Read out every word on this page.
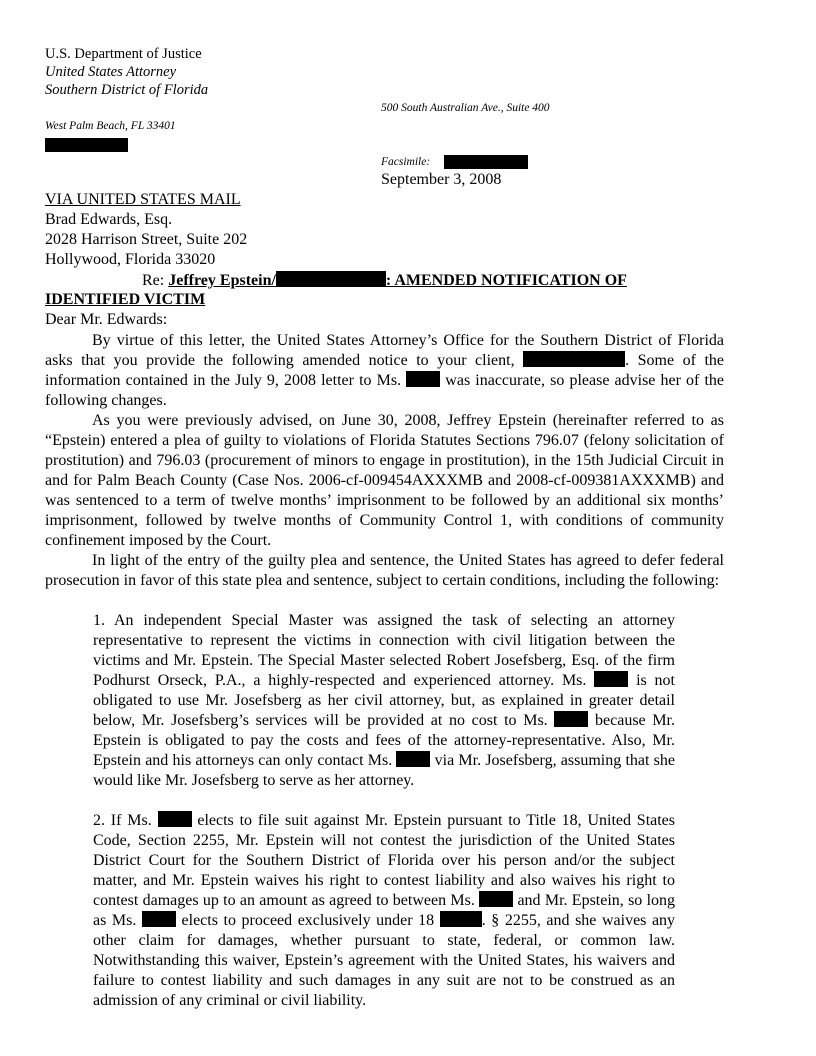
U.S. Department of Justice
United States Attorney
Southern District of Florida
500 South Australian Ave., Suite 400
West Palm Beach, FL 33401
Facsimile:
September 3, 2008
VIA UNITED STATES MAIL
Brad Edwards, Esq.
2028 Harrison Street, Suite 202
Hollywood, Florida 33020
Re: Jeffrey Epstein/	: AMENDED NOTIFICATION OF
IDENTIFIED VICTIM
Dear Mr. Edwards:
By virtue of this letter, the United States Attorney’s Office for the Southern District of Florida asks that you provide the following amended notice to your client,	. Some of the information contained in the July 9, 2008 letter to Ms.	was inaccurate, so please advise her of the following changes.
As you were previously advised, on June 30, 2008, Jeffrey Epstein (hereinafter referred to as “Epstein) entered a plea of guilty to violations of Florida Statutes Sections 796.07 (felony solicitation of prostitution) and 796.03 (procurement of minors to engage in prostitution), in the 15th Judicial Circuit in and for Palm Beach County (Case Nos. 2006-cf-009454AXXXMB and 2008-cf-009381AXXXMB) and was sentenced to a term of twelve months’ imprisonment to be followed by an additional six months’ imprisonment, followed by twelve months of Community Control 1, with conditions of community confinement imposed by the Court.
In light of the entry of the guilty plea and sentence, the United States has agreed to defer federal prosecution in favor of this state plea and sentence, subject to certain conditions, including the following:
1. An independent Special Master was assigned the task of selecting an attorney representative to represent the victims in connection with civil litigation between the victims and Mr. Epstein. The Special Master selected Robert Josefsberg, Esq. of the firm Podhurst Orseck, P.A., a highly-respected and experienced attorney. Ms.	is not obligated to use Mr. Josefsberg as her civil attorney, but, as explained in greater detail below, Mr. Josefsberg’s services will be provided at no cost to Ms.	because Mr. Epstein is obligated to pay the costs and fees of the attorney-representative. Also, Mr. Epstein and his attorneys can only contact Ms.	via Mr. Josefsberg, assuming that she would like Mr. Josefsberg to serve as her attorney.
2. If Ms.	elects to file suit against Mr. Epstein pursuant to Title 18, United States Code, Section 2255, Mr. Epstein will not contest the jurisdiction of the United States District Court for the Southern District of Florida over his person and/or the subject matter, and Mr. Epstein waives his right to contest liability and also waives his right to contest damages up to an amount as agreed to between Ms.	and Mr. Epstein, so long as Ms.	elects to proceed exclusively under 18	. § 2255, and she waives any other claim for damages, whether pursuant to state, federal, or common law. Notwithstanding this waiver, Epstein’s agreement with the United States, his waivers and failure to contest liability and such damages in any suit are not to be construed as an admission of any criminal or civil liability.
